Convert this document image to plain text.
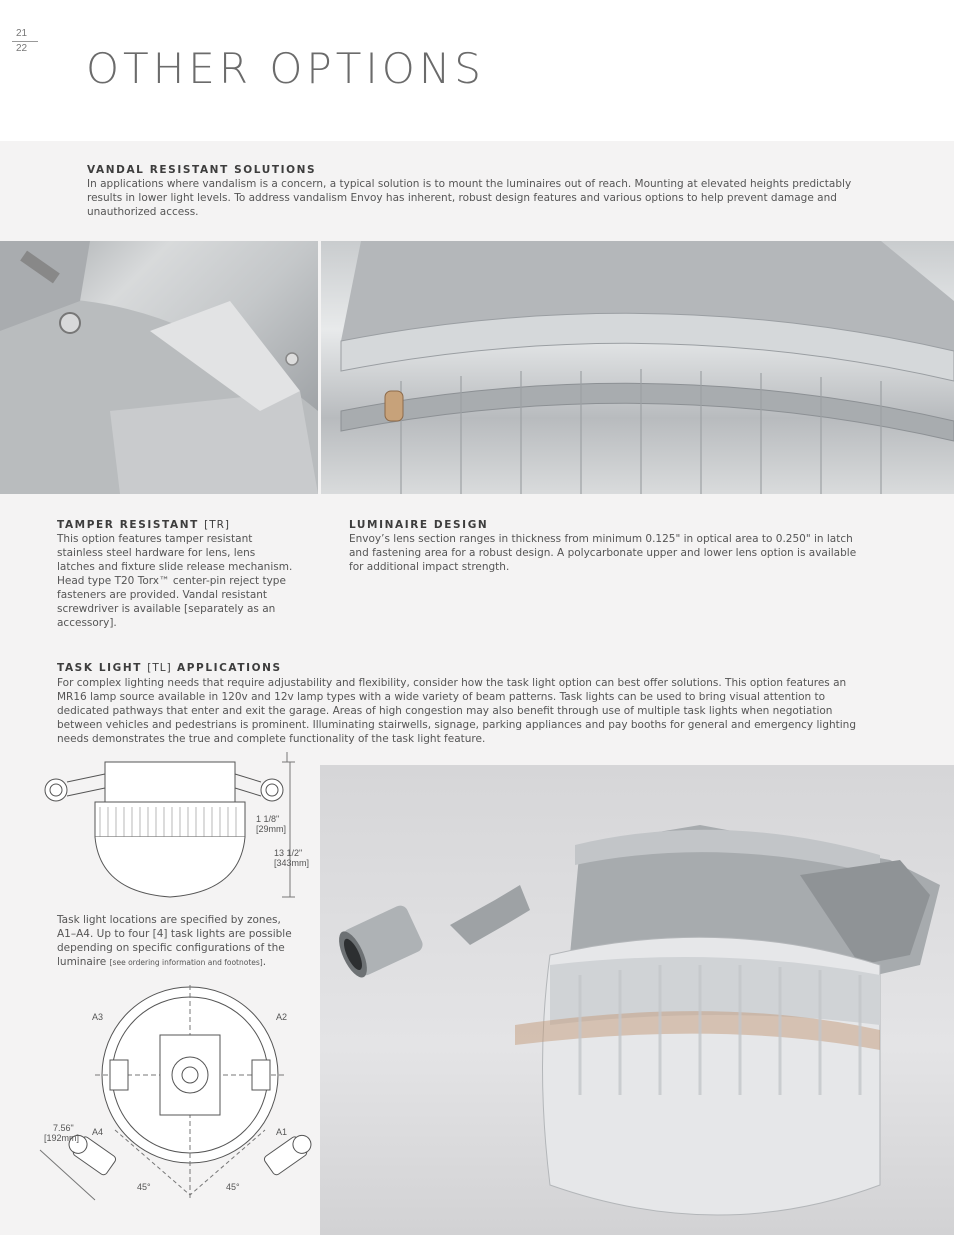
21
22 OTHER OPTIONS
VANDAL RESISTANT SOLUTIONS
In applications where vandalism is a concern, a typical solution is to mount the luminaires out of reach. Mounting at elevated heights predictably
results in lower light levels. To address vandalism Envoy has inherent, robust design features and various options to help prevent damage and
unauthorized access.
TAMPER RESISTANT [TR]
This option features tamper resistant
stainless steel hardware for lens, lens
latches and fixture slide release mechanism.
Head type T20 Torx™ center-pin reject type
fasteners are provided. Vandal resistant
screwdriver is available [separately as an
accessory].
LUMINAIRE DESIGN
Envoy’s lens section ranges in thickness from minimum 0.125" in optical area to 0.250" in latch
and fastening area for a robust design. A polycarbonate upper and lower lens option is available
for additional impact strength.
TASK LIGHT [TL] APPLICATIONS
For complex lighting needs that require adjustability and flexibility, consider how the task light option can best offer solutions. This option features an
MR16 lamp source available in 120v and 12v lamp types with a wide variety of beam patterns. Task lights can be used to bring visual attention to
dedicated pathways that enter and exit the garage. Areas of high congestion may also benefit through use of multiple task lights when negotiation
between vehicles and pedestrians is prominent. Illuminating stairwells, signage, parking appliances and pay booths for general and emergency lighting
needs demonstrates the true and complete functionality of the task light feature.
1 1/8"
[29mm]
13 1/2"
[343mm]
Task light locations are specified by zones,
A1–A4. Up to four [4] task lights are possible
depending on specific configurations of the
luminaire [see ordering information and footnotes].
A3	A2
A4	A1
7.56"
[192mm]
45°	45°
